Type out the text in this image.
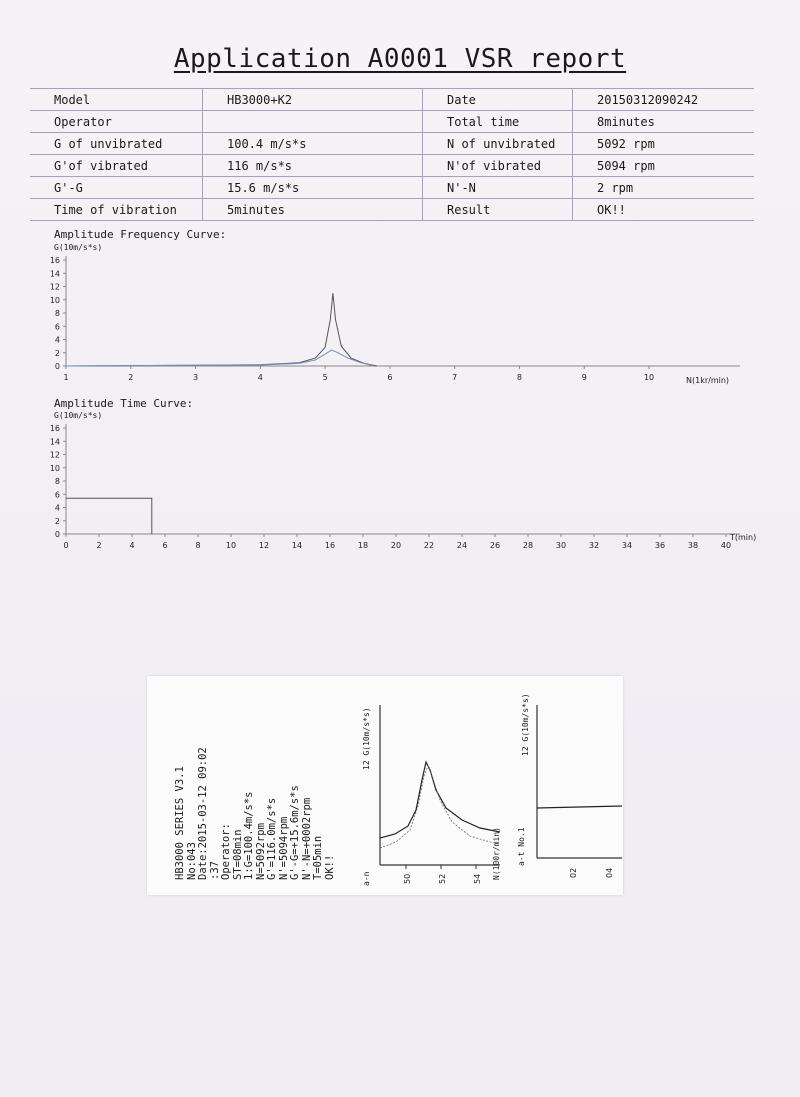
Application A0001 VSR report
Model	HB3000+K2	Date	20150312090242
Operator		Total time	8minutes
G of unvibrated	100.4 m/s*s	N of unvibrated	5092 rpm
G'of vibrated	116 m/s*s	N'of vibrated	5094 rpm
G'-G	15.6 m/s*s	N'-N	2 rpm
Time of vibration	5minutes	Result	OK!!
Amplitude Frequency Curve:
G(10m/s*s)
Amplitude Time Curve:
G(10m/s*s)
0
2
4
6
8
10
12
14
16
1	2	3	4	5	6	7	8	9	10	N(1kr/min)
0
2
4
6
8
10
12
14
16
0	2	4	6	8	10	12	14	16	18	20	22	24	26	28	30	32	34	36	38	40
T(min)
HB3000 SERIES V3.1 No:043 Date:2015-03-12 09:02 :37 Operator: ST=08min 1:G=100.4m/s*s N=5092rpm G'=116.0m/s*s N'=5094rpm G'-G=+15.6m/s*s N'-N=+0002rpm T=05min OK!!	50	52	54
02	04
12 G(10m/s*s)
a-n	N(100r/min)
12 G(10m/s*s)
a-t No.1
